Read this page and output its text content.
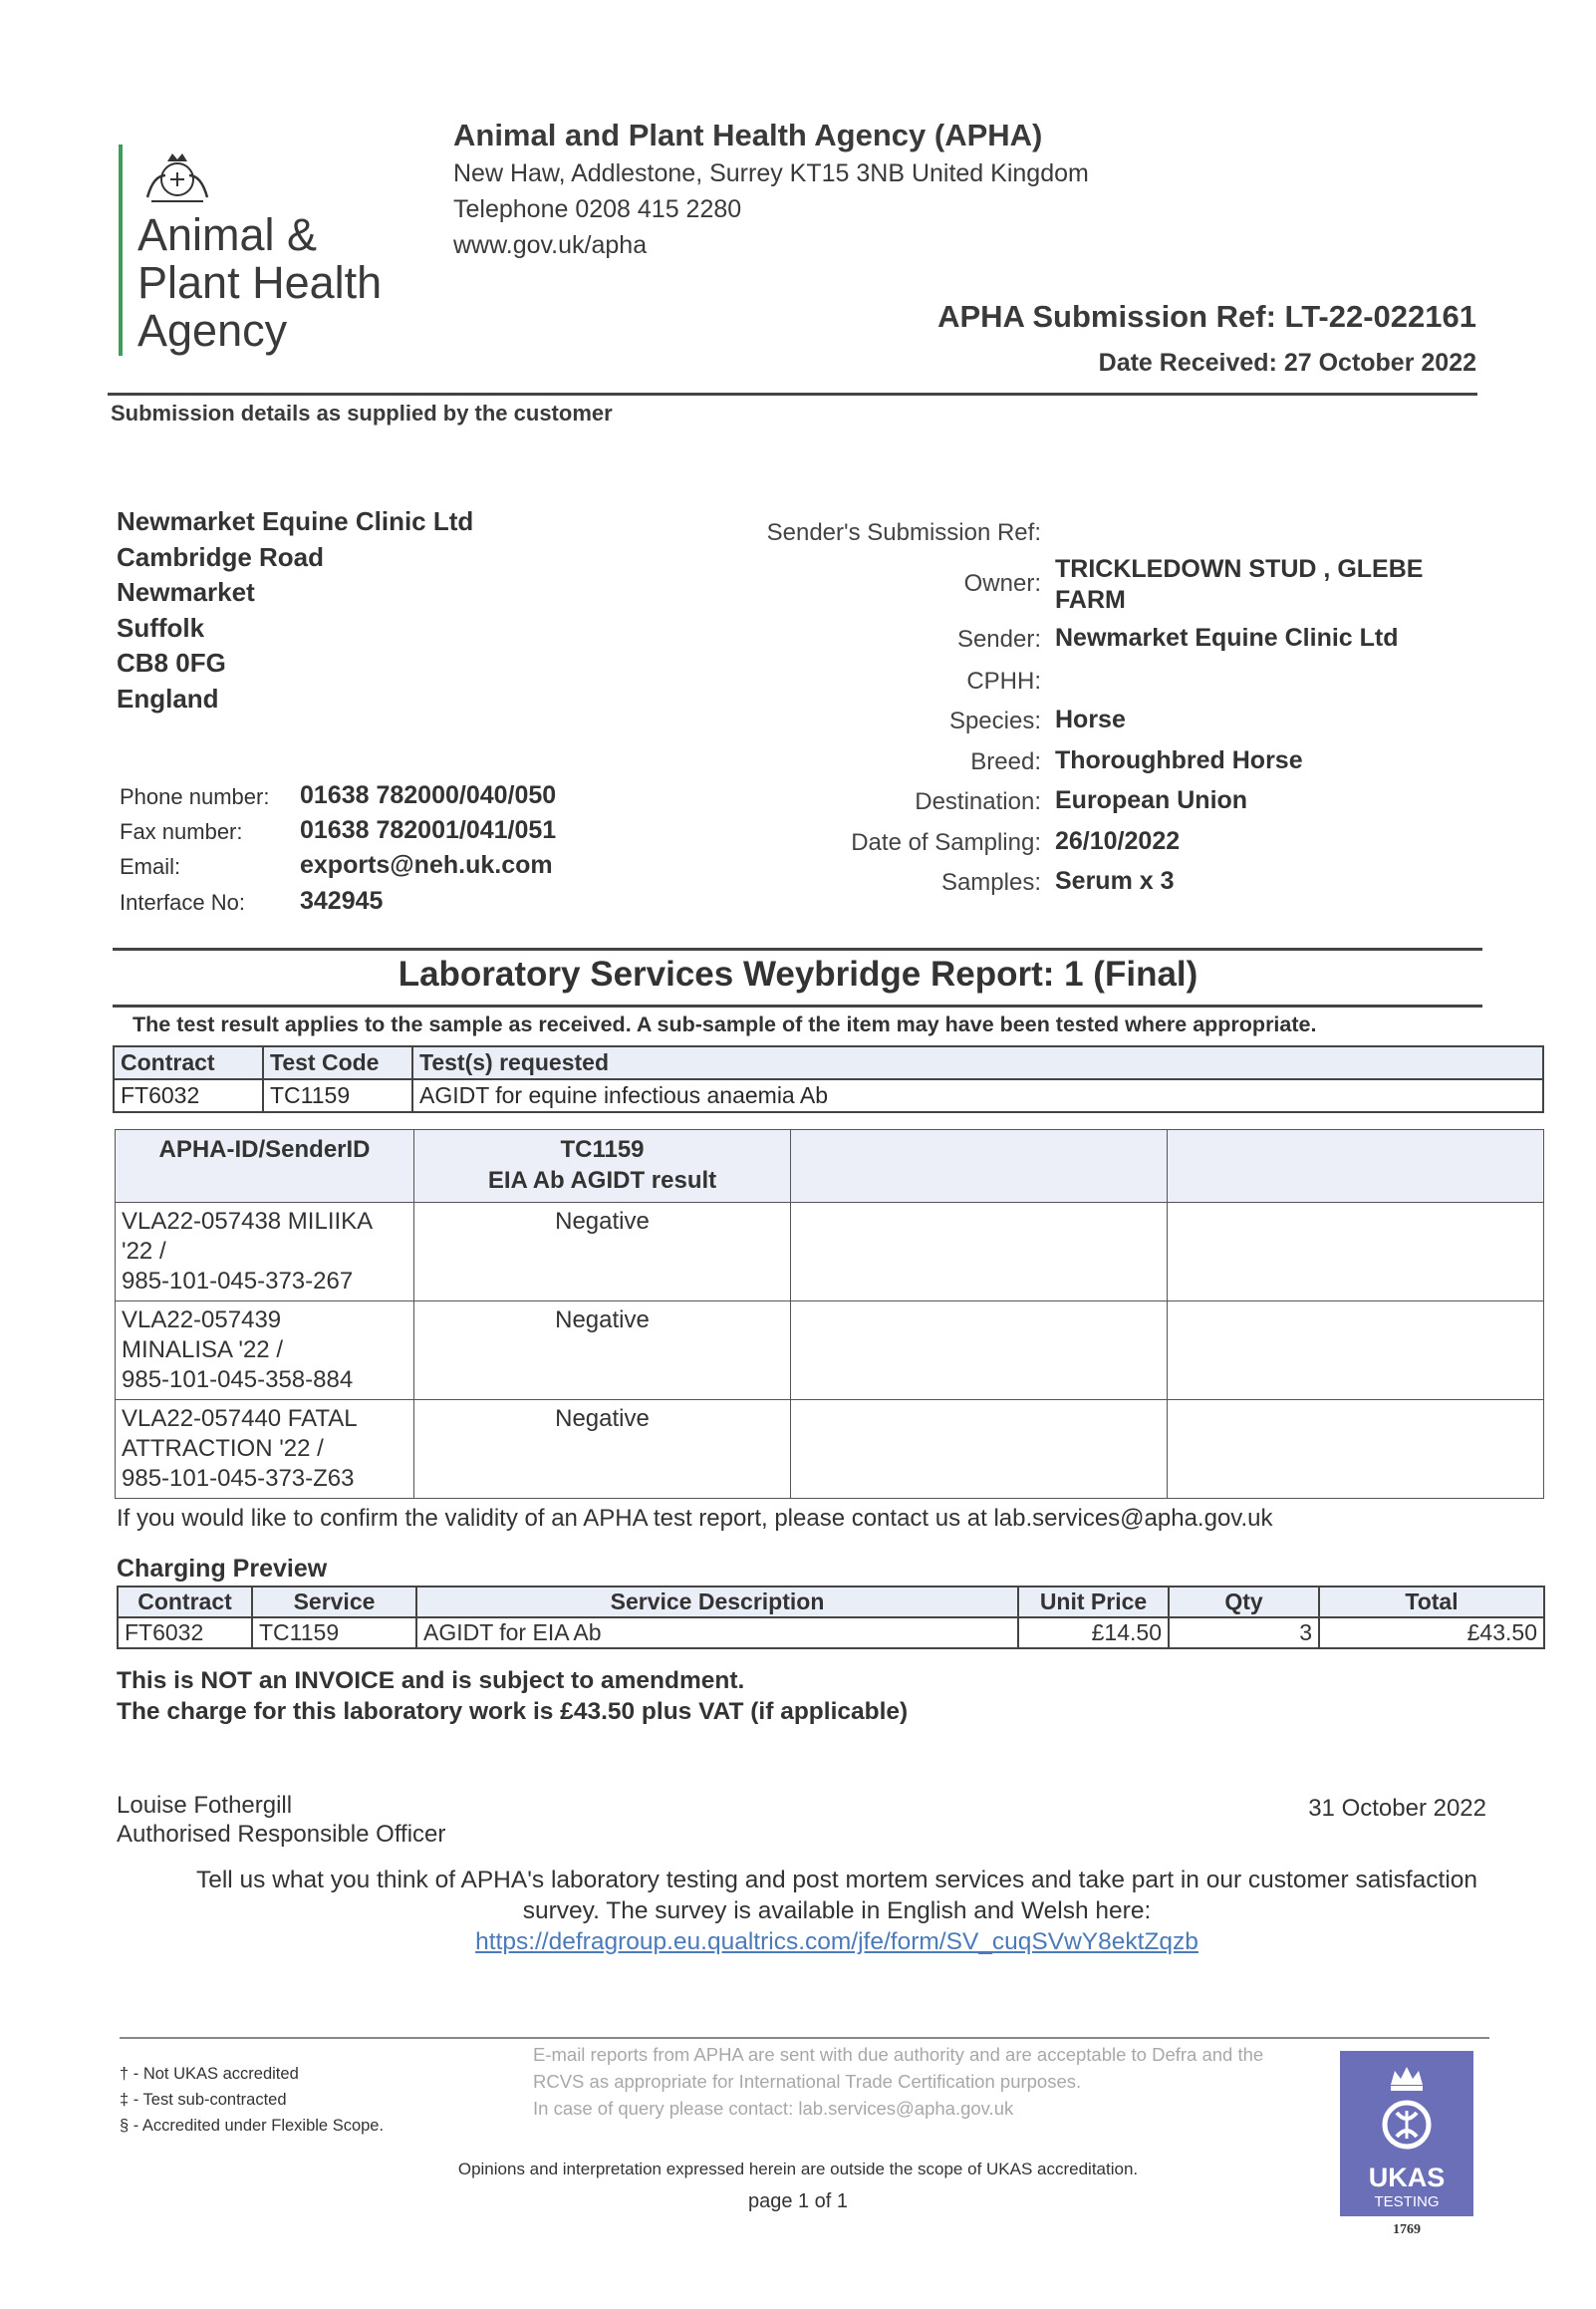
Animal &
Plant Health
Agency
Animal and Plant Health Agency (APHA)
New Haw, Addlestone, Surrey KT15 3NB United Kingdom
Telephone 0208 415 2280
www.gov.uk/apha
APHA Submission Ref: LT-22-022161
Date Received: 27 October 2022
Submission details as supplied by the customer
Newmarket Equine Clinic Ltd
Cambridge Road
Newmarket
Suffolk
CB8 0FG
England
Phone number: 01638 782000/040/050
Fax number: 01638 782001/041/051
Email:	exports@neh.uk.com
Interface No: 342945
Sender's Submission Ref:
Owner:
TRICKLEDOWN STUD , GLEBE
FARM
Sender: Newmarket Equine Clinic Ltd
CPHH:
Species: Horse
Breed: Thoroughbred Horse
Destination: European Union
Date of Sampling: 26/10/2022
Samples: Serum x 3
Laboratory Services Weybridge Report: 1 (Final)
The test result applies to the sample as received. A sub-sample of the item may have been tested where appropriate.
Contract	Test Code	Test(s) requested
FT6032	TC1159	AGIDT for equine infectious anaemia Ab
APHA-ID/SenderID	TC1159
EIA Ab AGIDT result		

VLA22-057438 MILIIKA
'22 /
985-101-045-373-267	Negative		

VLA22-057439
MINALISA '22 /
985-101-045-358-884	Negative		

VLA22-057440 FATAL
ATTRACTION '22 /
985-101-045-373-Z63	Negative		
If you would like to confirm the validity of an APHA test report, please contact us at lab.services@apha.gov.uk
Charging Preview
Contract	Service	Service Description	Unit Price	Qty	Total
FT6032	TC1159	AGIDT for EIA Ab	£14.50	3	£43.50
This is NOT an INVOICE and is subject to amendment.
The charge for this laboratory work is £43.50 plus VAT (if applicable)
Louise Fothergill
Authorised Responsible Officer
31 October 2022
Tell us what you think of APHA's laboratory testing and post mortem services and take part in our customer satisfaction
survey. The survey is available in English and Welsh here:
https://defragroup.eu.qualtrics.com/jfe/form/SV_cuqSVwY8ektZqzb
† - Not UKAS accredited
‡ - Test sub-contracted
§ - Accredited under Flexible Scope.
E-mail reports from APHA are sent with due authority and are acceptable to Defra and the RCVS as appropriate for International Trade Certification purposes.
In case of query please contact: lab.services@apha.gov.uk
Opinions and interpretation expressed herein are outside the scope of UKAS accreditation.
page 1 of 1
UKAS
TESTING
1769
